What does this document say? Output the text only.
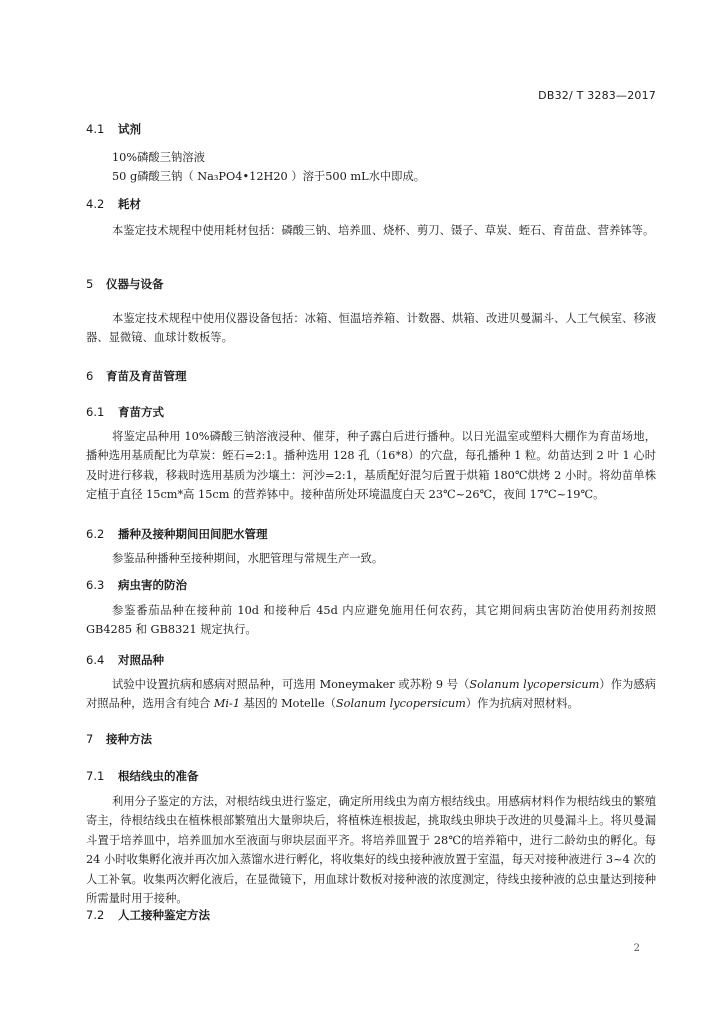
DB32/ T 3283—2017
4.1 试剂
10%磷酸三钠溶液
50 g磷酸三钠（ Na₃PO4•12H20 ）溶于500 mL水中即成。
4.2 耗材

本鉴定技术规程中使用耗材包括：磷酸三钠、培养皿、烧杯、剪刀、镊子、草炭、蛭石、育苗盘、营养钵等。

5 仪器与设备

本鉴定技术规程中使用仪器设备包括：冰箱、恒温培养箱、计数器、烘箱、改进贝曼漏斗、人工气候室、移液器、显微镜、血球计数板等。

6 育苗及育苗管理
6.1 育苗方式

将鉴定品种用 10%磷酸三钠溶液浸种、催芽，种子露白后进行播种。以日光温室或塑料大棚作为育苗场地，播种选用基质配比为草炭：蛭石=2:1。播种选用 128 孔（16*8）的穴盘，每孔播种 1 粒。幼苗达到 2 叶 1 心时及时进行移栽，移栽时选用基质为沙壤土：河沙=2:1，基质配好混匀后置于烘箱 180℃烘烤 2 小时。将幼苗单株定植于直径 15cm*高 15cm 的营养钵中。接种苗所处环境温度白天 23℃~26℃，夜间 17℃~19℃。

6.2 播种及接种期间田间肥水管理

参鉴品种播种至接种期间，水肥管理与常规生产一致。

6.3 病虫害的防治

参鉴番茄品种在接种前 10d 和接种后 45d 内应避免施用任何农药，其它期间病虫害防治使用药剂按照 GB4285 和 GB8321 规定执行。

6.4 对照品种

试验中设置抗病和感病对照品种，可选用 Moneymaker 或苏粉 9 号（Solanum lycopersicum）作为感病对照品种，选用含有纯合 Mi-1 基因的 Motelle（Solanum lycopersicum）作为抗病对照材料。

7 接种方法
7.1 根结线虫的准备

利用分子鉴定的方法，对根结线虫进行鉴定，确定所用线虫为南方根结线虫。用感病材料作为根结线虫的繁殖寄主，待根结线虫在植株根部繁殖出大量卵块后，将植株连根拔起，挑取线虫卵块于改进的贝曼漏斗上。将贝曼漏斗置于培养皿中，培养皿加水至液面与卵块层面平齐。将培养皿置于 28℃的培养箱中，进行二龄幼虫的孵化。每 24 小时收集孵化液并再次加入蒸馏水进行孵化，将收集好的线虫接种液放置于室温，每天对接种液进行 3~4 次的人工补氧。收集两次孵化液后，在显微镜下，用血球计数板对接种液的浓度测定，待线虫接种液的总虫量达到接种所需量时用于接种。

7.2 人工接种鉴定方法
2
